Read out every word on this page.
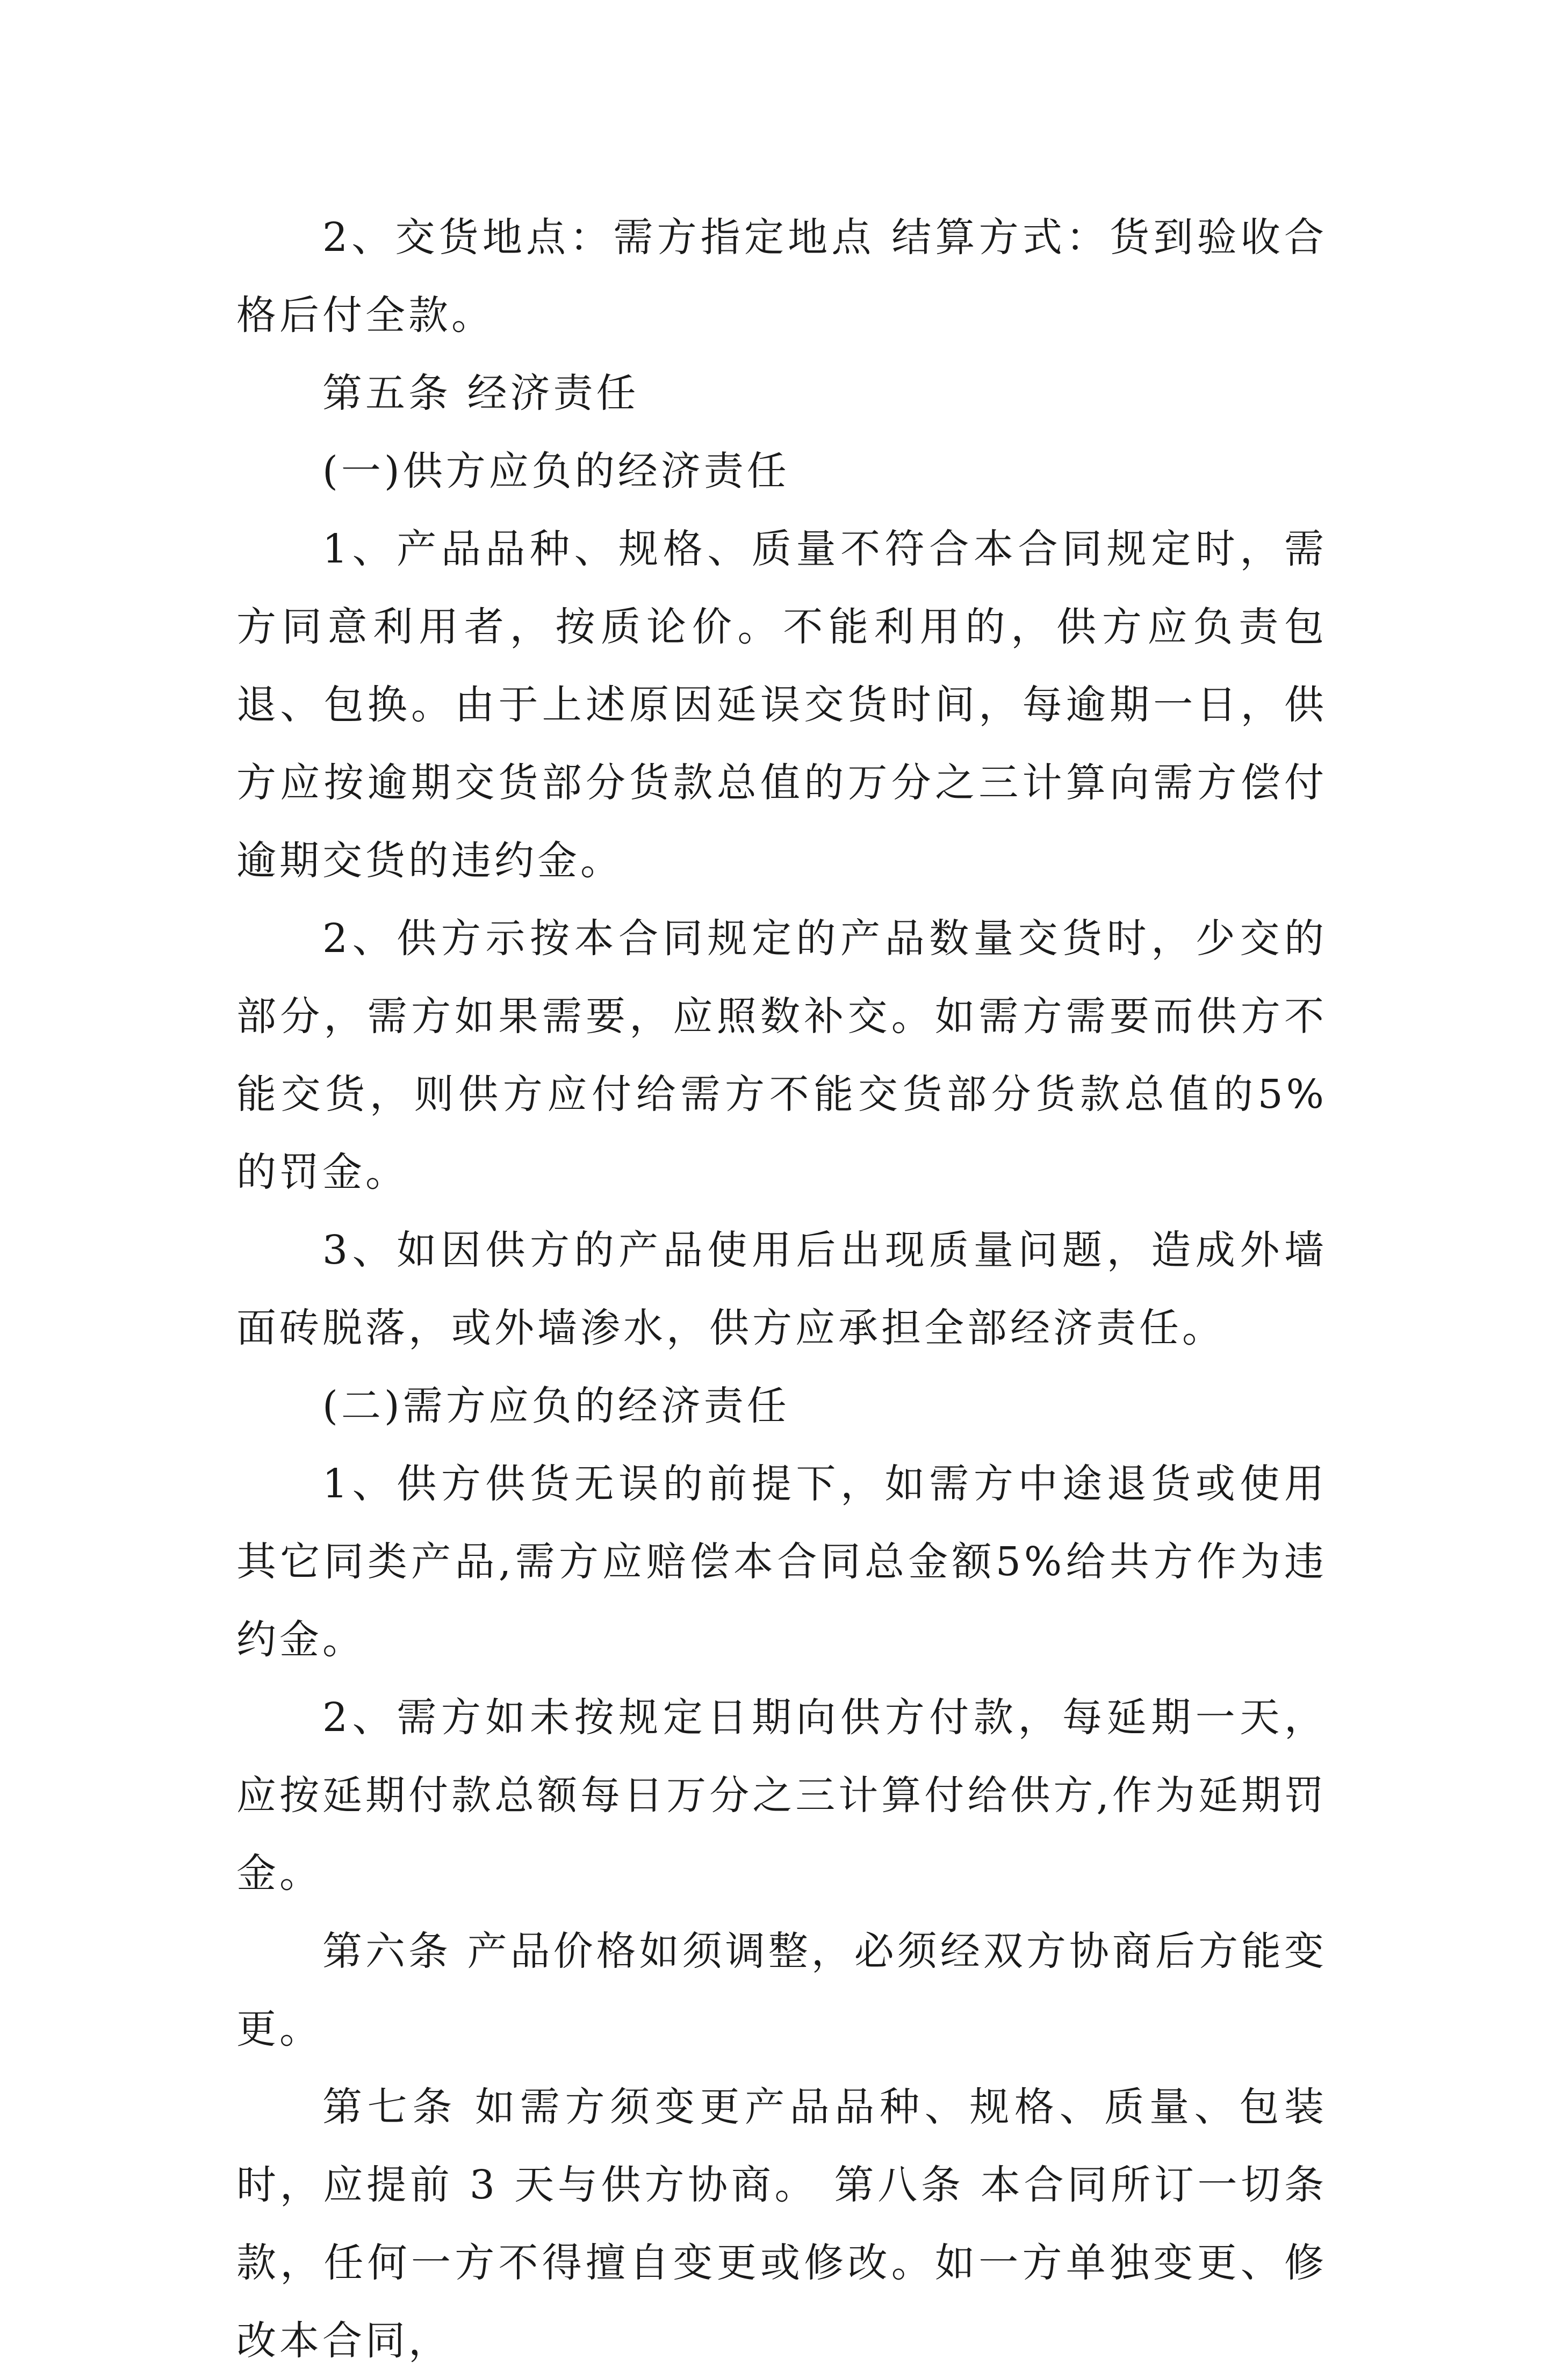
2、交货地点：需方指定地点 结算方式：货到验收合格后付全款。

第五条 经济责任

(一)供方应负的经济责任

1、产品品种、规格、质量不符合本合同规定时，需方同意利用者，按质论价。不能利用的，供方应负责包退、包换。由于上述原因延误交货时间，每逾期一日，供方应按逾期交货部分货款总值的万分之三计算向需方偿付逾期交货的违约金。

2、供方示按本合同规定的产品数量交货时，少交的部分，需方如果需要，应照数补交。如需方需要而供方不能交货，则供方应付给需方不能交货部分货款总值的5%的罚金。

3、如因供方的产品使用后出现质量问题，造成外墙面砖脱落，或外墙渗水，供方应承担全部经济责任。

(二)需方应负的经济责任

1、供方供货无误的前提下，如需方中途退货或使用其它同类产品,需方应赔偿本合同总金额5%给共方作为违约金。

2、需方如未按规定日期向供方付款，每延期一天，应按延期付款总额每日万分之三计算付给供方,作为延期罚金。

第六条 产品价格如须调整，必须经双方协商后方能变更。

第七条 如需方须变更产品品种、规格、质量、包装时，应提前 3 天与供方协商。 第八条 本合同所订一切条款，任何一方不得擅自变更或修改。如一方单独变更、修改本合同，
